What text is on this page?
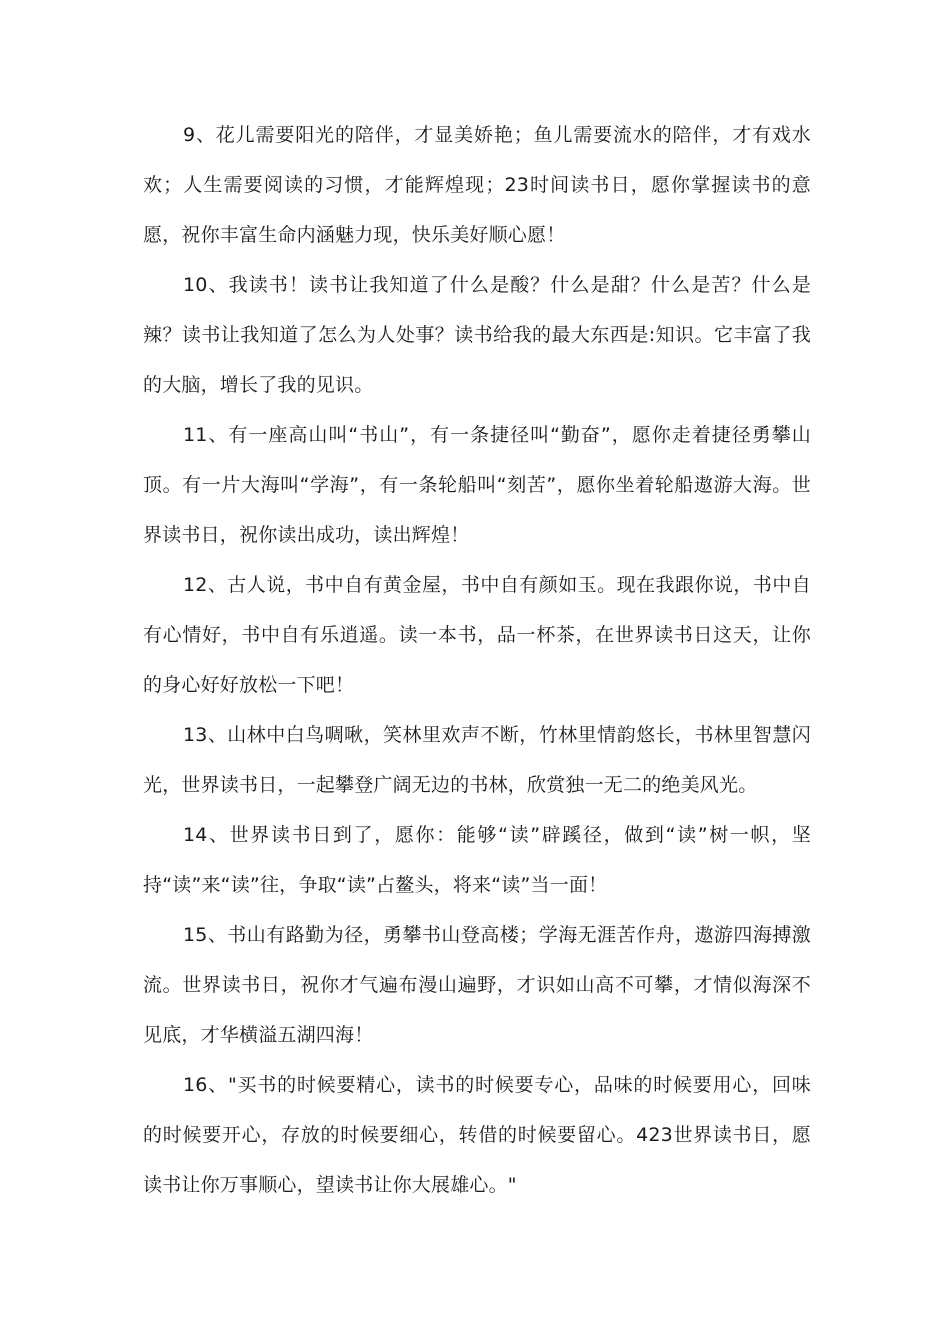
9、花儿需要阳光的陪伴，才显美娇艳；鱼儿需要流水的陪伴，才有戏水欢；人生需要阅读的习惯，才能辉煌现；23时间读书日，愿你掌握读书的意愿，祝你丰富生命内涵魅力现，快乐美好顺心愿！

10、我读书！读书让我知道了什么是酸？什么是甜？什么是苦？什么是辣？读书让我知道了怎么为人处事？读书给我的最大东西是:知识。它丰富了我的大脑，增长了我的见识。

11、有一座高山叫“书山”，有一条捷径叫“勤奋”，愿你走着捷径勇攀山顶。有一片大海叫“学海”，有一条轮船叫“刻苦”，愿你坐着轮船遨游大海。世界读书日，祝你读出成功，读出辉煌！

12、古人说，书中自有黄金屋，书中自有颜如玉。现在我跟你说，书中自有心情好，书中自有乐逍遥。读一本书，品一杯茶，在世界读书日这天，让你的身心好好放松一下吧！

13、山林中白鸟啁啾，笑林里欢声不断，竹林里情韵悠长，书林里智慧闪光，世界读书日，一起攀登广阔无边的书林，欣赏独一无二的绝美风光。

14、世界读书日到了，愿你：能够“读”辟蹊径，做到“读”树一帜，坚持“读”来“读”往，争取“读”占鳌头，将来“读”当一面！

15、书山有路勤为径，勇攀书山登高楼；学海无涯苦作舟，遨游四海搏激流。世界读书日，祝你才气遍布漫山遍野，才识如山高不可攀，才情似海深不见底，才华横溢五湖四海！

16、"买书的时候要精心，读书的时候要专心，品味的时候要用心，回味的时候要开心，存放的时候要细心，转借的时候要留心。423世界读书日，愿读书让你万事顺心，望读书让你大展雄心。"
